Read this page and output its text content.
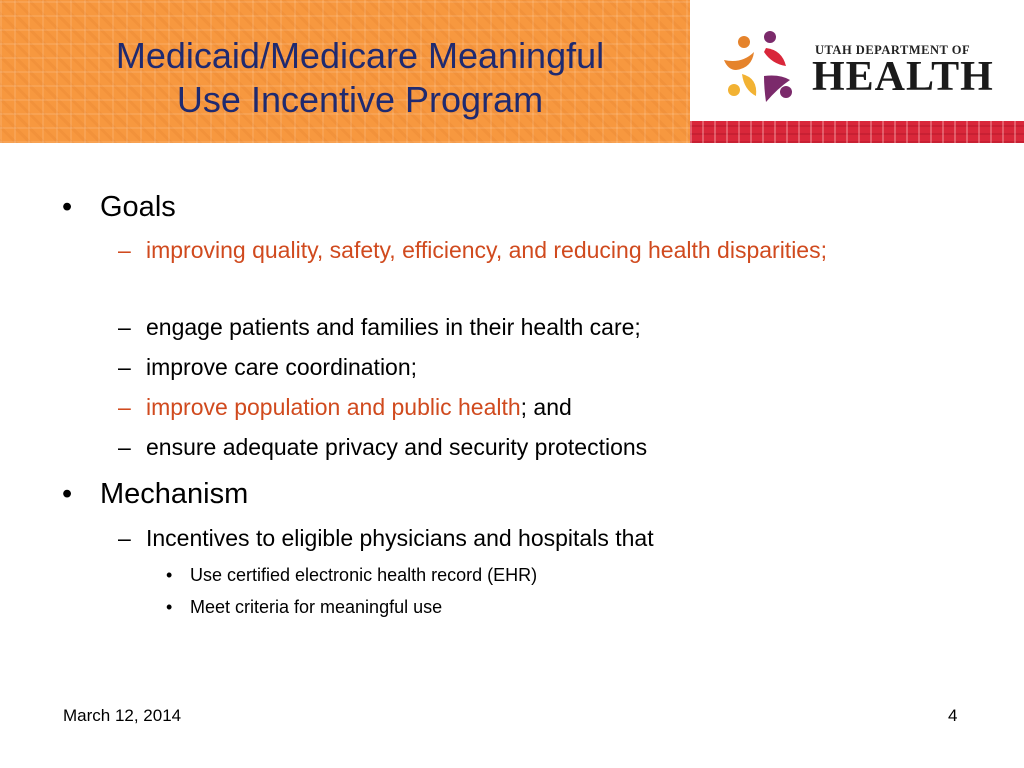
Medicaid/Medicare Meaningful
Use Incentive Program
UTAH DEPARTMENT OF
HEALTH
• Goals
– improving quality, safety, efficiency, and reducing health disparities;
– engage patients and families in their health care;
– improve care coordination;
– improve population and public health; and
– ensure adequate privacy and security protections
• Mechanism
– Incentives to eligible physicians and hospitals that
• Use certified electronic health record (EHR)
• Meet criteria for meaningful use
March 12, 2014	4
